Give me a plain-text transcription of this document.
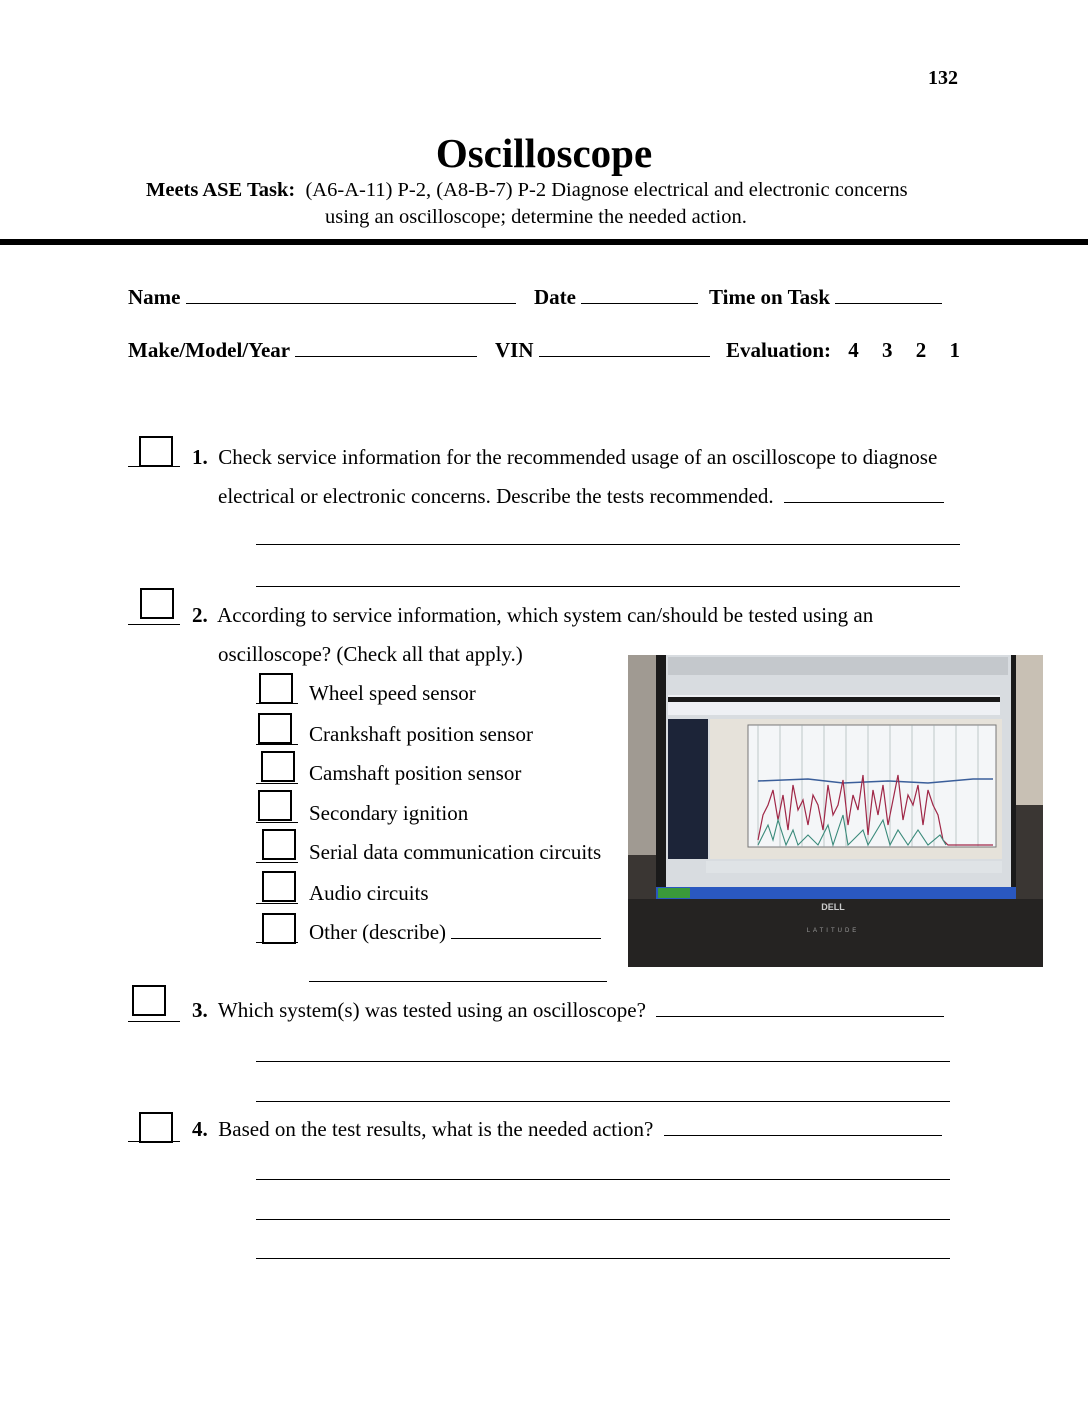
132
Oscilloscope
Meets ASE Task: (A6-A-11) P-2, (A8-B-7) P-2 Diagnose electrical and electronic concerns
using an oscilloscope; determine the needed action.
Name	Date	Time on Task
Make/Model/Year	VIN	Evaluation: 4 3 2 1
1. Check service information for the recommended usage of an oscilloscope to diagnose
electrical or electronic concerns. Describe the tests recommended.
2. According to service information, which system can/should be tested using an
oscilloscope? (Check all that apply.)
Wheel speed sensor
Crankshaft position sensor
Camshaft position sensor
Secondary ignition
Serial data communication circuits
Audio circuits
Other (describe)
DELL
LATITUDE
3. Which system(s) was tested using an oscilloscope?
4. Based on the test results, what is the needed action?
